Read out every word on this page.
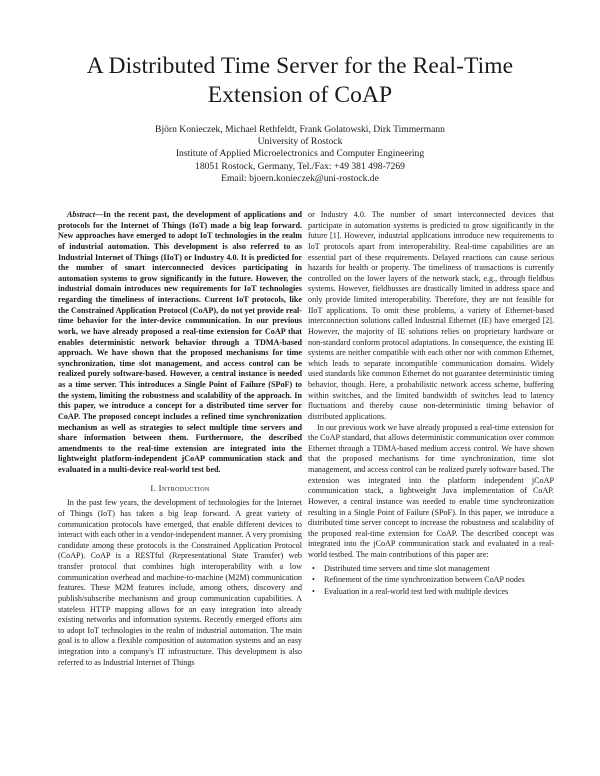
A Distributed Time Server for the Real-Time
Extension of CoAP
Björn Konieczek, Michael Rethfeldt, Frank Golatowski, Dirk Timmermann
University of Rostock
Institute of Applied Microelectronics and Computer Engineering
18051 Rostock, Germany, Tel./Fax: +49 381 498-7269
Email: bjoern.konieczek@uni-rostock.de

Abstract—In the recent past, the development of applications and protocols for the Internet of Things (IoT) made a big leap forward. New approaches have emerged to adopt IoT technologies in the realm of industrial automation. This development is also referred to as Industrial Internet of Things (IIoT) or Industry 4.0. It is predicted for the number of smart interconnected devices participating in automation systems to grow significantly in the future. However, the industrial domain introduces new requirements for IoT technologies regarding the timeliness of interactions. Current IoT protocols, like the Constrained Application Protocol (CoAP), do not yet provide real-time behavior for the inter-device communication. In our previous work, we have already proposed a real-time extension for CoAP that enables deterministic network behavior through a TDMA-based approach. We have shown that the proposed mechanisms for time synchronization, time slot management, and access control can be realized purely software-based. However, a central instance is needed as a time server. This introduces a Single Point of Failure (SPoF) to the system, limiting the robustness and scalability of the approach. In this paper, we introduce a concept for a distributed time server for CoAP. The proposed concept includes a refined time synchronization mechanism as well as strategies to select multiple time servers and share information between them. Furthermore, the described amendments to the real-time extension are integrated into the lightweight platform-independent jCoAP communication stack and evaluated in a multi-device real-world test bed.

I. Introduction

In the past few years, the development of technologies for the Internet of Things (IoT) has taken a big leap forward. A great variety of communication protocols have emerged, that enable different devices to interact with each other in a vendor-independent manner. A very promising candidate among these protocols is the Constrained Application Protocol (CoAP). CoAP is a RESTful (Representational State Transfer) web transfer protocol that combines high interoperability with a low communication overhead and machine-to-machine (M2M) communication features. These M2M features include, among others, discovery and publish/subscribe mechanisms and group communication capabilities. A stateless HTTP mapping allows for an easy integration into already existing networks and information systems. Recently emerged efforts aim to adopt IoT technologies in the realm of industrial automation. The main goal is to allow a flexible composition of automation systems and an easy integration into a company's IT infrastructure. This development is also referred to as Industrial Internet of Things

or Industry 4.0. The number of smart interconnected devices that participate in automation systems is predicted to grow significantly in the future [1]. However, industrial applications introduce new requirements to IoT protocols apart from interoperability. Real-time capabilities are an essential part of these requirements. Delayed reactions can cause serious hazards for health or property. The timeliness of transactions is currently controlled on the lower layers of the network stack, e.g., through fieldbus systems. However, fieldbusses are drastically limited in address space and only provide limited interoperability. Therefore, they are not feasible for IIoT applications. To omit these problems, a variety of Ethernet-based interconnection solutions called Industrial Ethernet (IE) have emerged [2]. However, the majority of IE solutions relies on proprietary hardware or non-standard conform protocol adaptations. In consequence, the existing IE systems are neither compatible with each other nor with common Ethernet, which leads to separate incompatible communication domains. Widely used standards like common Ethernet do not guarantee deterministic timing behavior, though. Here, a probabilistic network access scheme, buffering within switches, and the limited bandwidth of switches lead to latency fluctuations and thereby cause non-deterministic timing behavior of distributed applications.

In our previous work we have already proposed a real-time extension for the CoAP standard, that allows deterministic communication over common Ethernet through a TDMA-based medium access control. We have shown that the proposed mechanisms for time synchronization, time slot management, and access control can be realized purely software based. The extension was integrated into the platform independent jCoAP communication stack, a lightweight Java implementation of CoAP. However, a central instance was needed to enable time synchronization resulting in a Single Point of Failure (SPoF). In this paper, we introduce a distributed time server concept to increase the robustness and scalability of the proposed real-time extension for CoAP. The described concept was integrated into the jCoAP communication stack and evaluated in a real-world testbed. The main contributions of this paper are:

• Distributed time servers and time slot management
• Refinement of the time synchronization between CoAP nodes
• Evaluation in a real-world test bed with multiple devices
